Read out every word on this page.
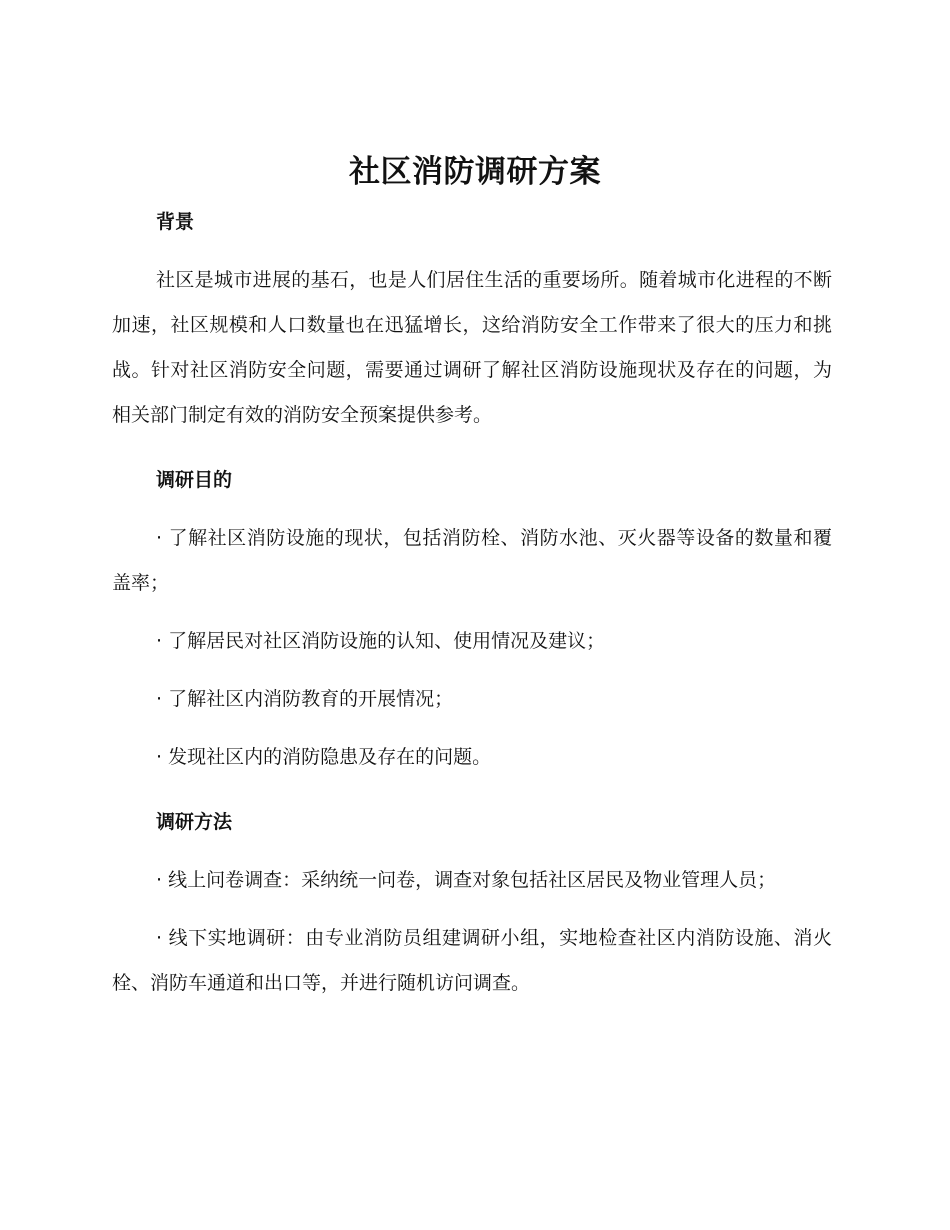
社区消防调研方案
背景

社区是城市进展的基石，也是人们居住生活的重要场所。随着城市化进程的不断加速，社区规模和人口数量也在迅猛增长，这给消防安全工作带来了很大的压力和挑战。针对社区消防安全问题，需要通过调研了解社区消防设施现状及存在的问题，为相关部门制定有效的消防安全预案提供参考。

调研目的

· 了解社区消防设施的现状，包括消防栓、消防水池、灭火器等设备的数量和覆盖率；

· 了解居民对社区消防设施的认知、使用情况及建议；

· 了解社区内消防教育的开展情况；

· 发现社区内的消防隐患及存在的问题。

调研方法

· 线上问卷调查：采纳统一问卷，调查对象包括社区居民及物业管理人员；

· 线下实地调研：由专业消防员组建调研小组，实地检查社区内消防设施、消火栓、消防车通道和出口等，并进行随机访问调查。
